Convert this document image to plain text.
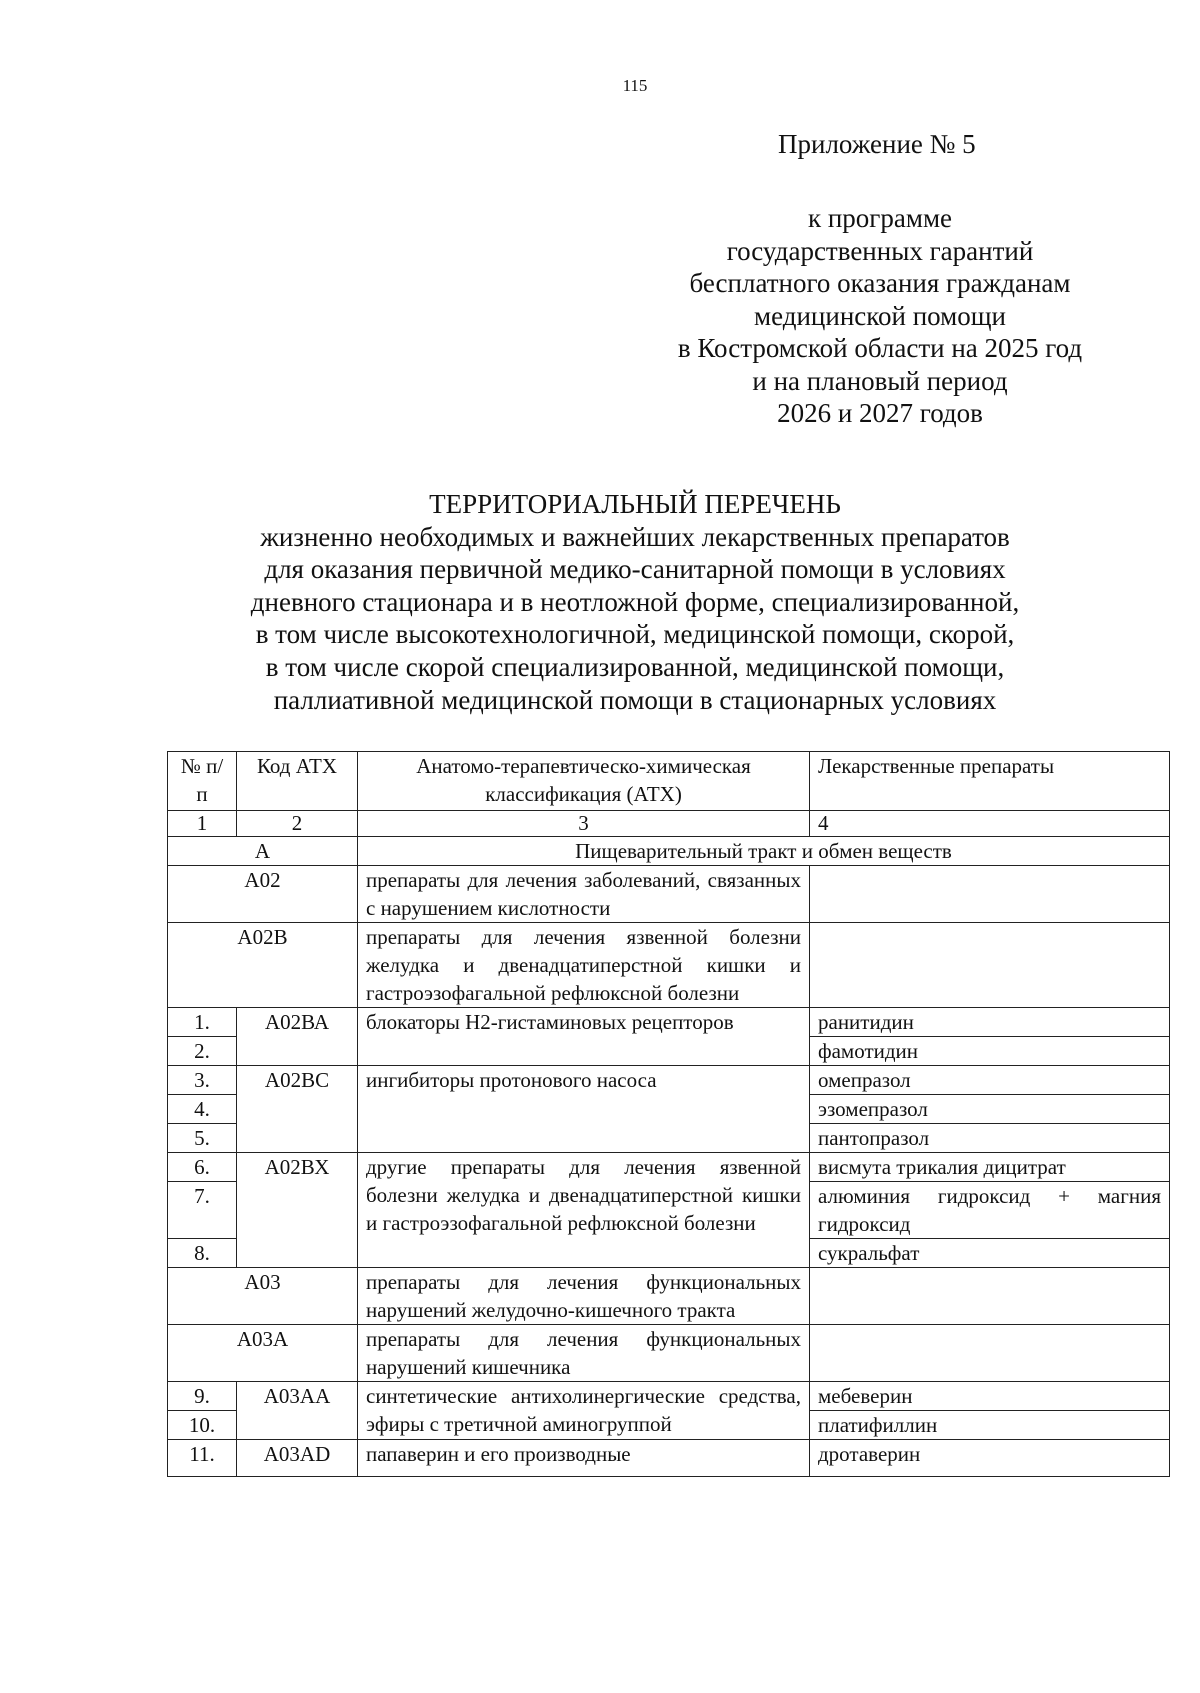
115
Приложение № 5
к программе
государственных гарантий
бесплатного оказания гражданам
медицинской помощи
в Костромской области на 2025 год
и на плановый период
2026 и 2027 годов
ТЕРРИТОРИАЛЬНЫЙ ПЕРЕЧЕНЬ
жизненно необходимых и важнейших лекарственных препаратов
для оказания первичной медико-санитарной помощи в условиях
дневного стационара и в неотложной форме, специализированной,
в том числе высокотехнологичной, медицинской помощи, скорой,
в том числе скорой специализированной, медицинской помощи,
паллиативной медицинской помощи в стационарных условиях
№ п/п	Код АТХ	Анатомо-терапевтическо-химическая классификация (АТХ)	Лекарственные препараты
1	2	3	4
А		Пищеварительный тракт и обмен веществ	
А02		препараты для лечения заболеваний, связанных с нарушением кислотности	
А02В		препараты для лечения язвенной болезни желудка и двенадцатиперстной кишки и гастроэзофагальной рефлюксной болезни	
1.	А02ВА	блокаторы Н2-гистаминовых рецепторов	ранитидин
2.			фамотидин
3.	А02ВС	ингибиторы протонового насоса	омепразол
4.			эзомепразол
5.			пантопразол
6.	А02ВХ	другие препараты для лечения язвенной болезни желудка и двенадцатиперстной кишки и гастроэзофагальной рефлюксной болезни	висмута трикалия дицитрат
7.			алюминия гидроксид + магния гидроксид
8.			сукральфат
А03		препараты для лечения функциональных нарушений желудочно-кишечного тракта	
А03А		препараты для лечения функциональных нарушений кишечника	
9.	А03АА	синтетические антихолинергические средства, эфиры с третичной аминогруппой	мебеверин
10.			платифиллин
11.	А03AD	папаверин и его производные	дротаверин
